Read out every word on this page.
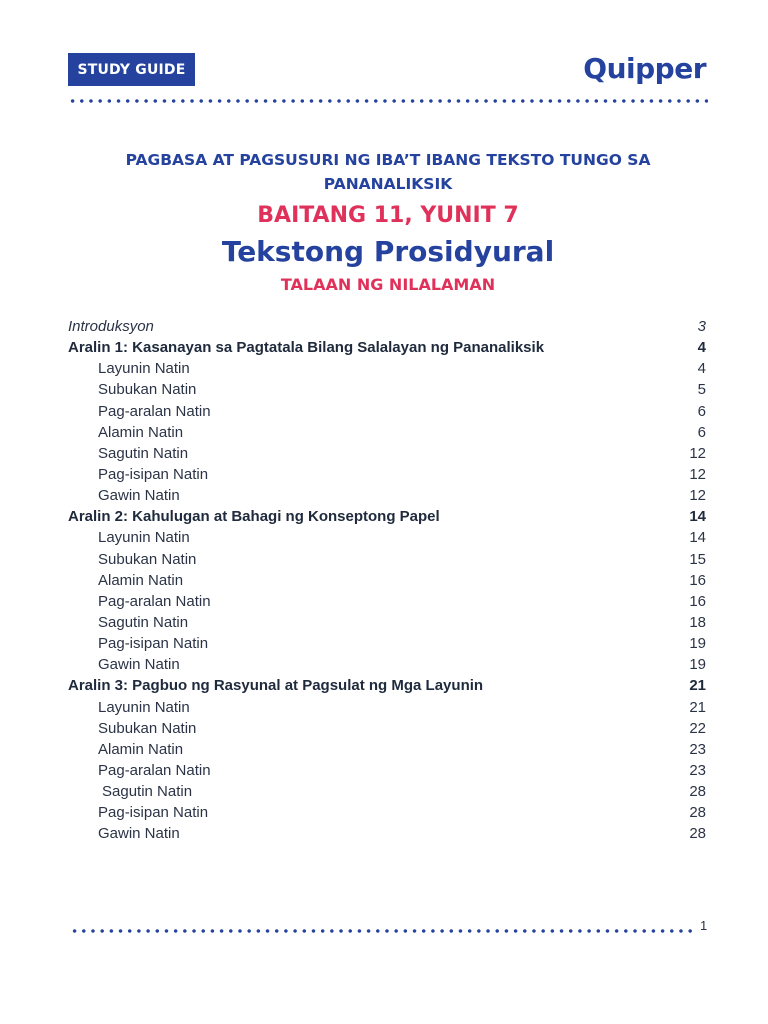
STUDY GUIDE	Quipper
PAGBASA AT PAGSUSURI NG IBA’T IBANG TEKSTO TUNGO SA PANANALIKSIK
BAITANG 11, YUNIT 7
Tekstong Prosidyural
TALAAN NG NILALAMAN
Introduksyon	3
Aralin 1: Kasanayan sa Pagtatala Bilang Salalayan ng Pananaliksik	4
Layunin Natin	4
Subukan Natin	5
Pag-aralan Natin	6
Alamin Natin	6
Sagutin Natin	12
Pag-isipan Natin	12
Gawin Natin	12
Aralin 2: Kahulugan at Bahagi ng Konseptong Papel	14
Layunin Natin	14
Subukan Natin	15
Alamin Natin	16
Pag-aralan Natin	16
Sagutin Natin	18
Pag-isipan Natin	19
Gawin Natin	19
Aralin 3: Pagbuo ng Rasyunal at Pagsulat ng Mga Layunin	21
Layunin Natin	21
Subukan Natin	22
Alamin Natin	23
Pag-aralan Natin	23
Sagutin Natin	28
Pag-isipan Natin	28
Gawin Natin	28
1
